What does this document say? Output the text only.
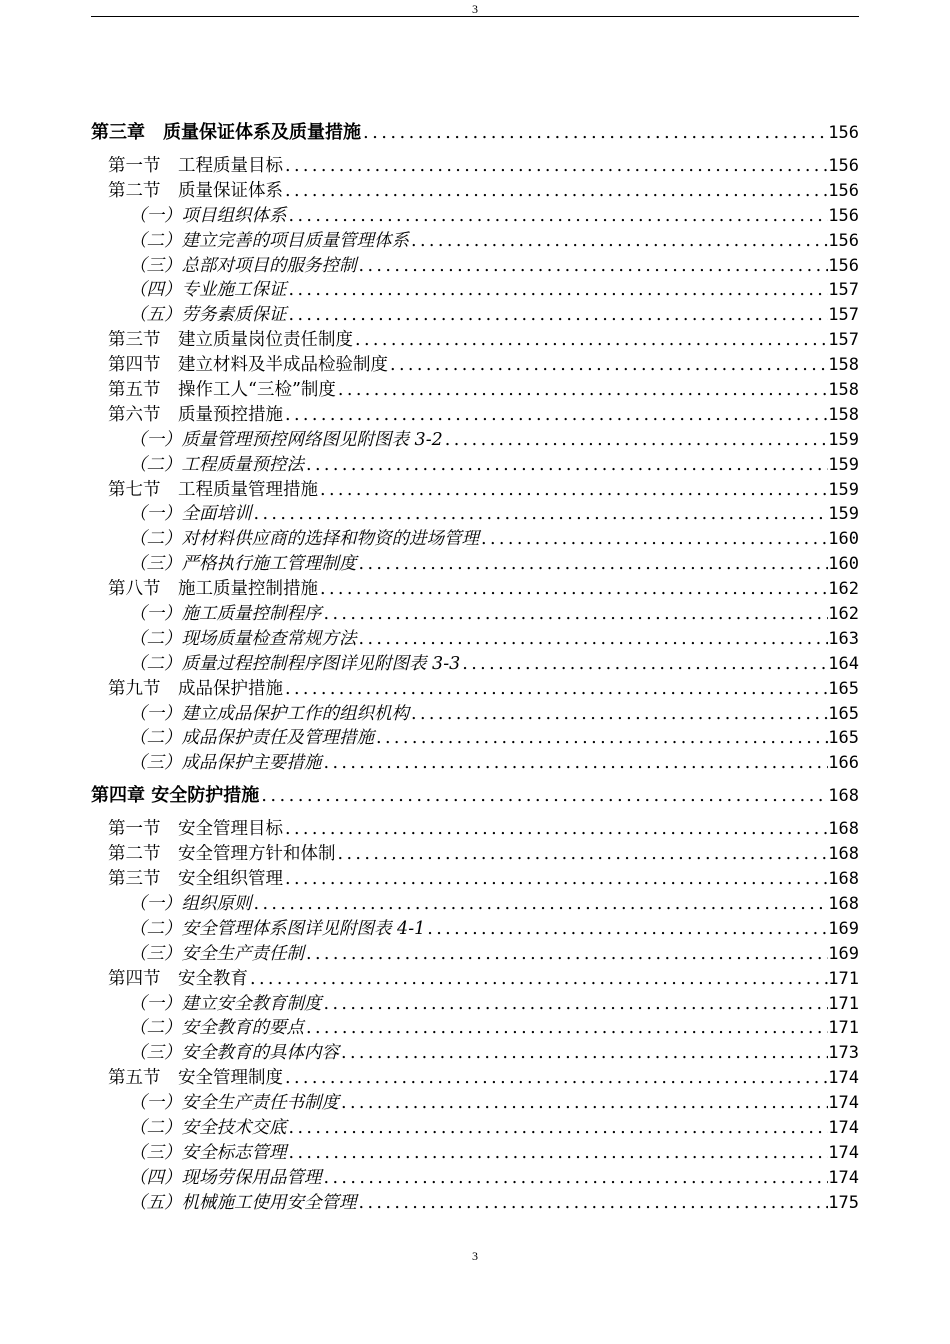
3
第三章　质量保证体系及质量措施 .....	156
第一节　工程质量目标 .....	156
第二节　质量保证体系 .....	156
（一）项目组织体系 .....	156
（二）建立完善的项目质量管理体系 .....	156
（三）总部对项目的服务控制 .....	156
（四）专业施工保证 .....	157
（五）劳务素质保证 .....	157
第三节　建立质量岗位责任制度 .....	157
第四节　建立材料及半成品检验制度 .....	158
第五节　操作工人“三检”制度 .....	158
第六节　质量预控措施 .....	158
（一）质量管理预控网络图见附图表 3-2 .....	159
（二）工程质量预控法 .....	159
第七节　工程质量管理措施 .....	159
（一）全面培训 .....	159
（二）对材料供应商的选择和物资的进场管理 .....	160
（三）严格执行施工管理制度 .....	160
第八节　施工质量控制措施 .....	162
（一）施工质量控制程序 .....	162
（二）现场质量检查常规方法 .....	163
（二）质量过程控制程序图详见附图表 3-3 .....	164
第九节　成品保护措施 .....	165
（一）建立成品保护工作的组织机构 .....	165
（二）成品保护责任及管理措施 .....	165
（三）成品保护主要措施 .....	166
第四章 安全防护措施 .....	168
第一节　安全管理目标 .....	168
第二节　安全管理方针和体制 .....	168
第三节　安全组织管理 .....	168
（一）组织原则 .....	168
（二）安全管理体系图详见附图表 4-1 .....	169
（三）安全生产责任制 .....	169
第四节　安全教育 .....	171
（一）建立安全教育制度 .....	171
（二）安全教育的要点 .....	171
（三）安全教育的具体内容 .....	173
第五节　安全管理制度 .....	174
（一）安全生产责任书制度 .....	174
（二）安全技术交底 .....	174
（三）安全标志管理 .....	174
（四）现场劳保用品管理 .....	174
（五）机械施工使用安全管理 .....	175
3
